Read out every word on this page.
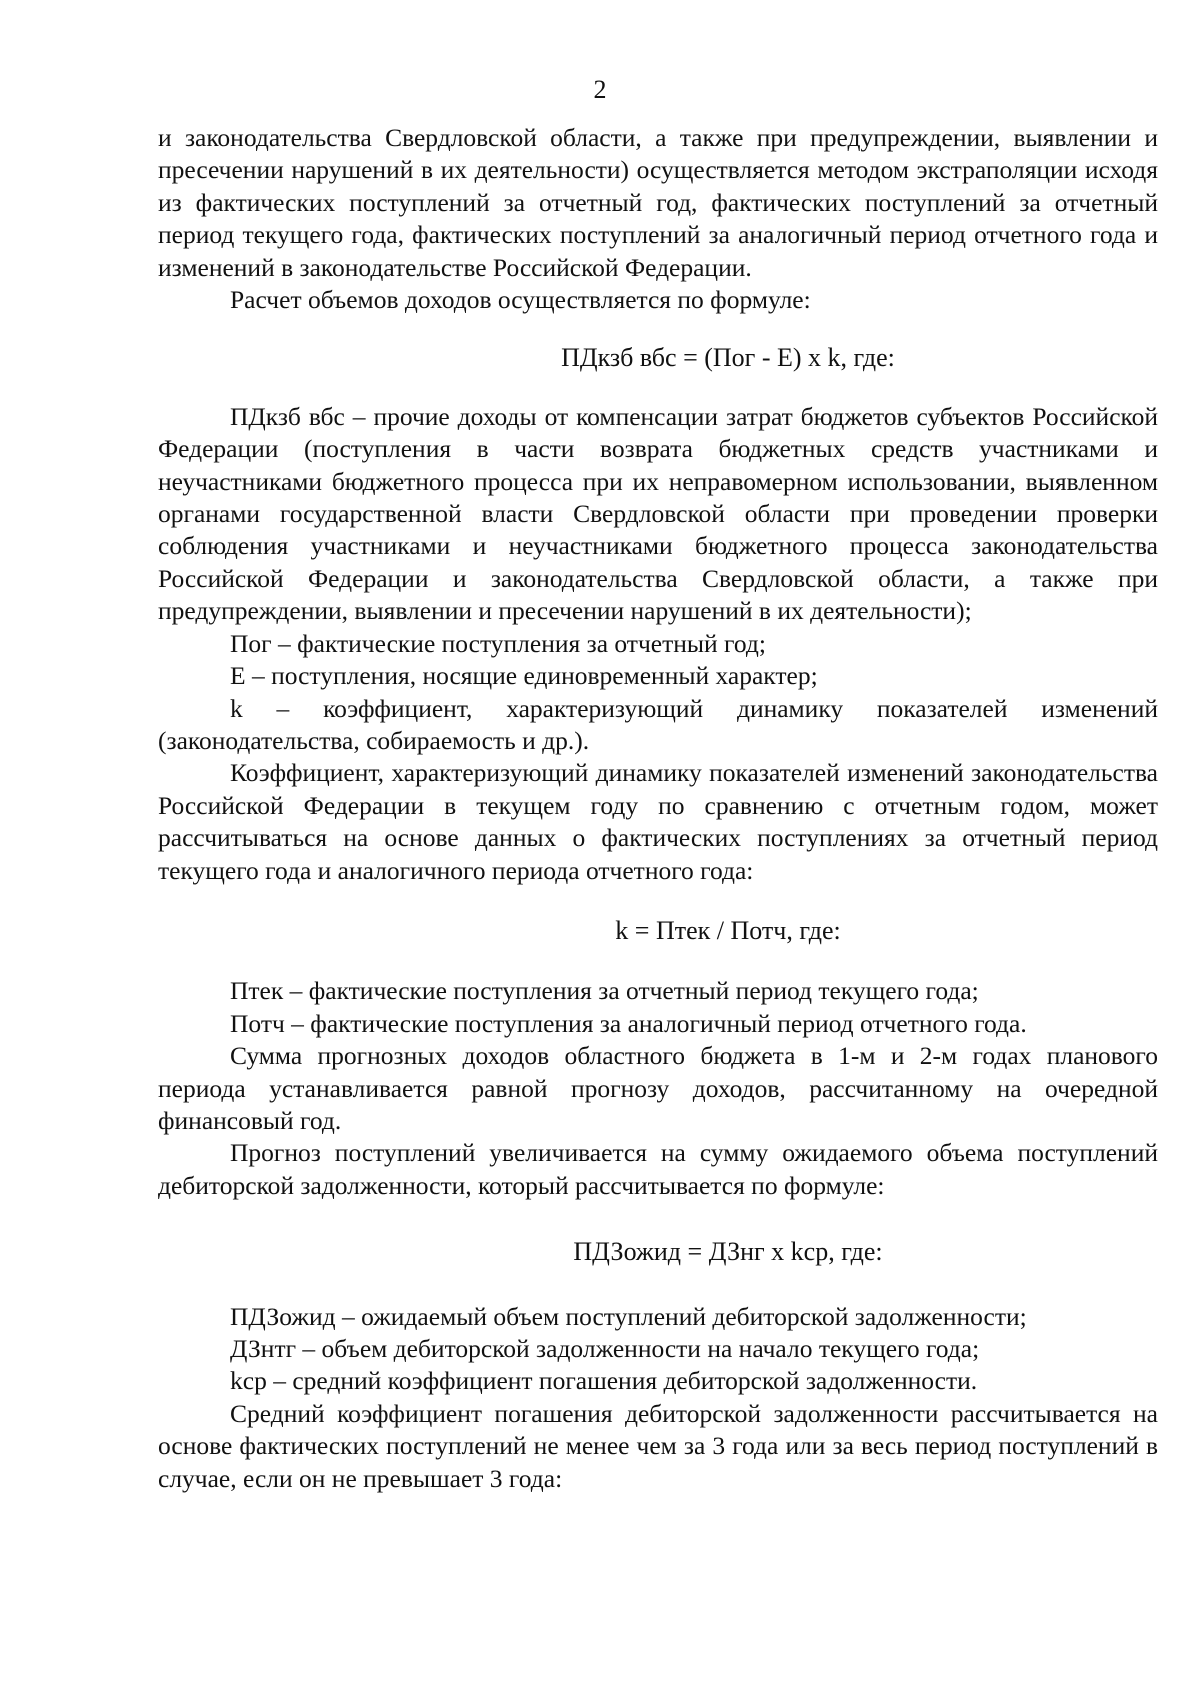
2

и законодательства Свердловской области, а также при предупреждении, выявлении и пресечении нарушений в их деятельности) осуществляется методом экстраполяции исходя из фактических поступлений за отчетный год, фактических поступлений за отчетный период текущего года, фактических поступлений за аналогичный период отчетного года и изменений в законодательстве Российской Федерации.

Расчет объемов доходов осуществляется по формуле:

ПДкзб вбс = (Пог - Е) х k, где:

ПДкзб вбс – прочие доходы от компенсации затрат бюджетов субъектов Российской Федерации (поступления в части возврата бюджетных средств участниками и неучастниками бюджетного процесса при их неправомерном использовании, выявленном органами государственной власти Свердловской области при проведении проверки соблюдения участниками и неучастниками бюджетного процесса законодательства Российской Федерации и законодательства Свердловской области, а также при предупреждении, выявлении и пресечении нарушений в их деятельности);

Пог – фактические поступления за отчетный год;

Е – поступления, носящие единовременный характер;

k – коэффициент, характеризующий динамику показателей изменений (законодательства, собираемость и др.).

Коэффициент, характеризующий динамику показателей изменений законодательства Российской Федерации в текущем году по сравнению с отчетным годом, может рассчитываться на основе данных о фактических поступлениях за отчетный период текущего года и аналогичного периода отчетного года:

k = Птек / Потч, где:

Птек – фактические поступления за отчетный период текущего года;

Потч – фактические поступления за аналогичный период отчетного года.

Сумма прогнозных доходов областного бюджета в 1-м и 2-м годах планового периода устанавливается равной прогнозу доходов, рассчитанному на очередной финансовый год.

Прогноз поступлений увеличивается на сумму ожидаемого объема поступлений дебиторской задолженности, который рассчитывается по формуле:

ПДЗожид = ДЗнг х kcp, где:

ПДЗожид – ожидаемый объем поступлений дебиторской задолженности;

ДЗнтг – объем дебиторской задолженности на начало текущего года;

kcp – средний коэффициент погашения дебиторской задолженности.

Средний коэффициент погашения дебиторской задолженности рассчитывается на основе фактических поступлений не менее чем за 3 года или за весь период поступлений в случае, если он не превышает 3 года:
